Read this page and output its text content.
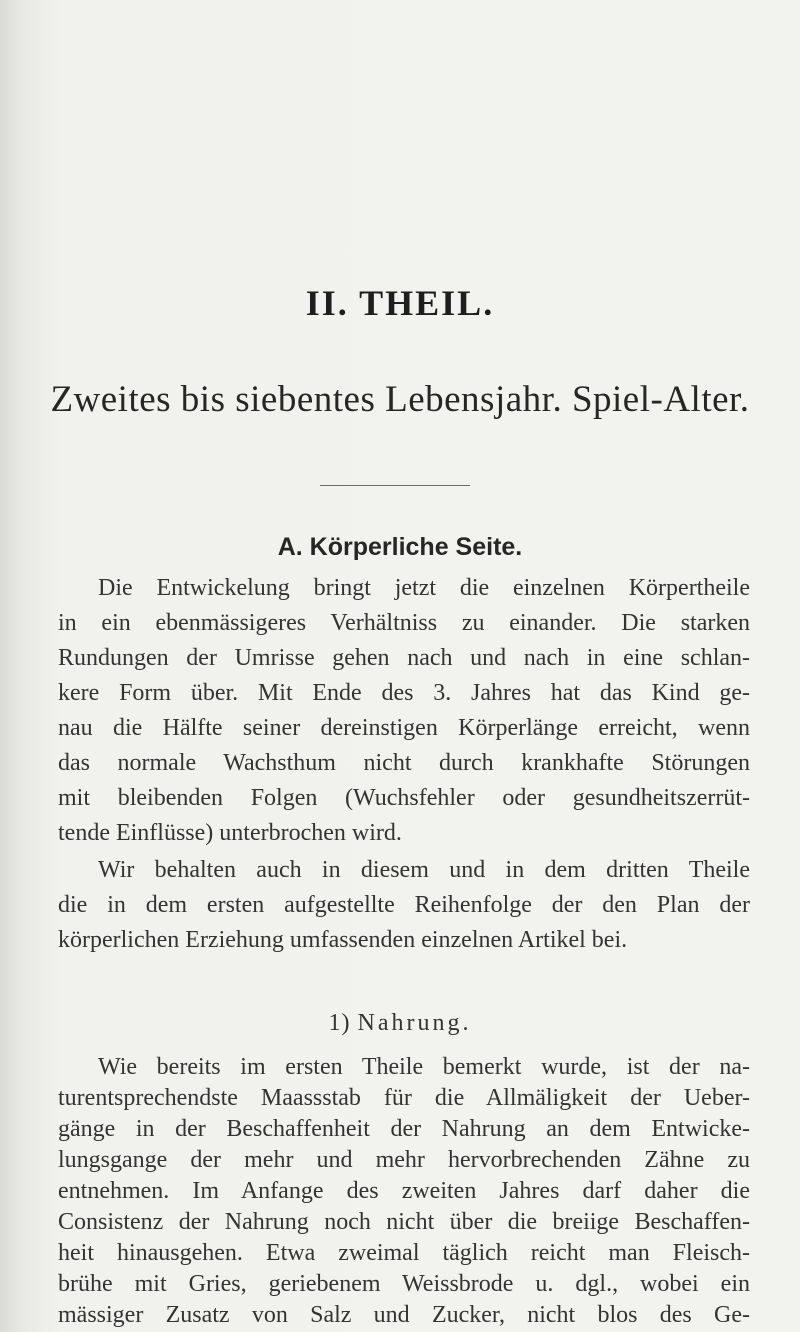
II. THEIL.
Zweites bis siebentes Lebensjahr. Spiel-Alter.
A. Körperliche Seite.
Die Entwickelung bringt jetzt die einzelnen Körpertheile
in ein ebenmässigeres Verhältniss zu einander. Die starken
Rundungen der Umrisse gehen nach und nach in eine schlan-
kere Form über. Mit Ende des 3. Jahres hat das Kind ge-
nau die Hälfte seiner dereinstigen Körperlänge erreicht, wenn
das normale Wachsthum nicht durch krankhafte Störungen
mit bleibenden Folgen (Wuchsfehler oder gesundheitszerrüt-
tende Einflüsse) unterbrochen wird.
Wir behalten auch in diesem und in dem dritten Theile
die in dem ersten aufgestellte Reihenfolge der den Plan der
körperlichen Erziehung umfassenden einzelnen Artikel bei.
1) Nahrung.
Wie bereits im ersten Theile bemerkt wurde, ist der na-
turentsprechendste Maassstab für die Allmäligkeit der Ueber-
gänge in der Beschaffenheit der Nahrung an dem Entwicke-
lungsgange der mehr und mehr hervorbrechenden Zähne zu
entnehmen. Im Anfange des zweiten Jahres darf daher die
Consistenz der Nahrung noch nicht über die breiige Beschaffen-
heit hinausgehen. Etwa zweimal täglich reicht man Fleisch-
brühe mit Gries, geriebenem Weissbrode u. dgl., wobei ein
mässiger Zusatz von Salz und Zucker, nicht blos des Ge-
